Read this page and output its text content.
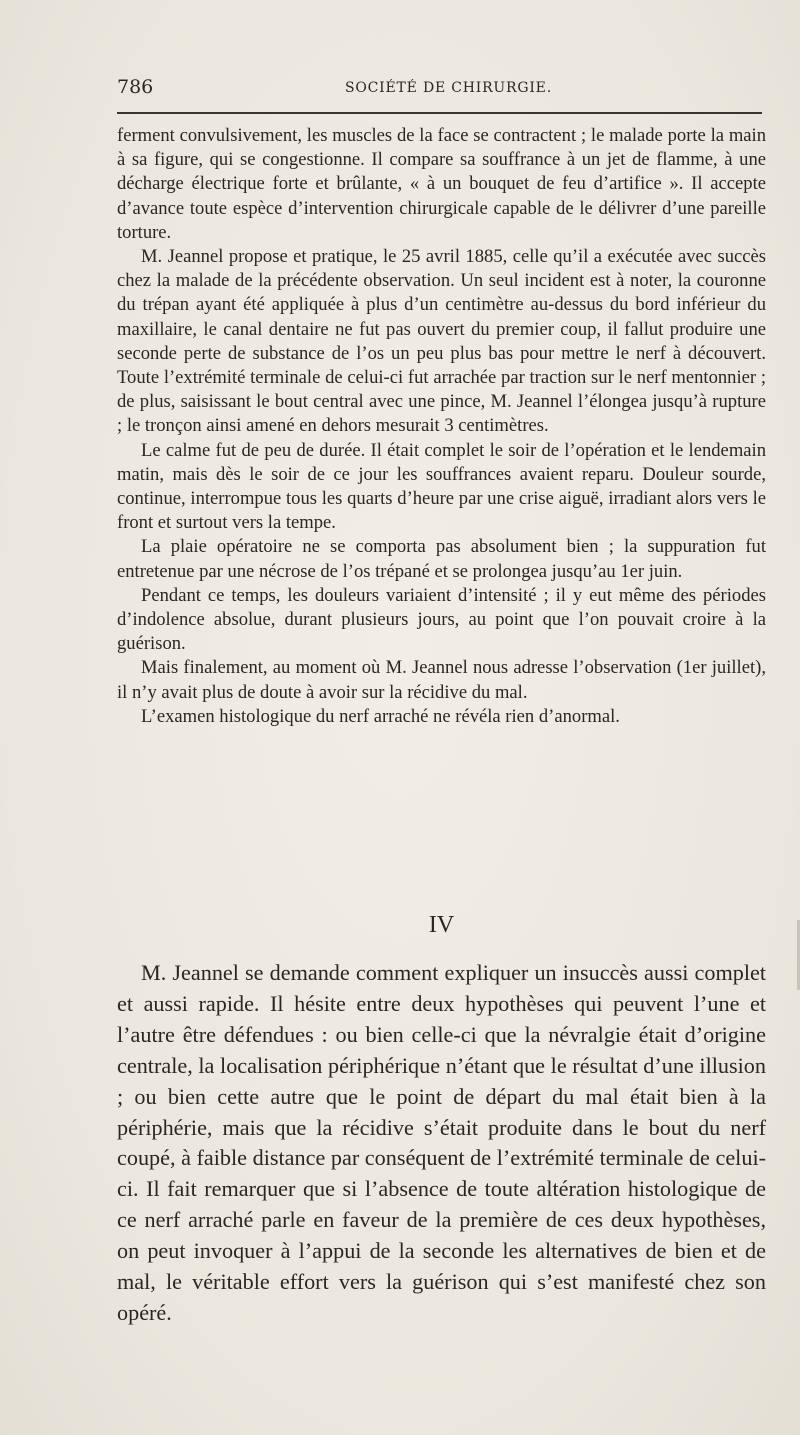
786	SOCIÉTÉ DE CHIRURGIE.

ferment convulsivement, les muscles de la face se contractent ; le malade porte la main à sa figure, qui se congestionne. Il compare sa souffrance à un jet de flamme, à une décharge électrique forte et brûlante, « à un bouquet de feu d’artifice ». Il accepte d’avance toute espèce d’intervention chirurgicale capable de le délivrer d’une pareille torture.

M. Jeannel propose et pratique, le 25 avril 1885, celle qu’il a exécutée avec succès chez la malade de la précédente observation. Un seul incident est à noter, la couronne du trépan ayant été appliquée à plus d’un centimètre au-dessus du bord inférieur du maxillaire, le canal dentaire ne fut pas ouvert du premier coup, il fallut produire une seconde perte de substance de l’os un peu plus bas pour mettre le nerf à découvert. Toute l’extrémité terminale de celui-ci fut arrachée par traction sur le nerf mentonnier ; de plus, saisissant le bout central avec une pince, M. Jeannel l’élongea jusqu’à rupture ; le tronçon ainsi amené en dehors mesurait 3 centimètres.

Le calme fut de peu de durée. Il était complet le soir de l’opération et le lendemain matin, mais dès le soir de ce jour les souffrances avaient reparu. Douleur sourde, continue, interrompue tous les quarts d’heure par une crise aiguë, irradiant alors vers le front et surtout vers la tempe.

La plaie opératoire ne se comporta pas absolument bien ; la suppuration fut entretenue par une nécrose de l’os trépané et se prolongea jusqu’au 1er juin.

Pendant ce temps, les douleurs variaient d’intensité ; il y eut même des périodes d’indolence absolue, durant plusieurs jours, au point que l’on pouvait croire à la guérison.

Mais finalement, au moment où M. Jeannel nous adresse l’observation (1er juillet), il n’y avait plus de doute à avoir sur la récidive du mal.

L’examen histologique du nerf arraché ne révéla rien d’anormal.

IV

M. Jeannel se demande comment expliquer un insuccès aussi complet et aussi rapide. Il hésite entre deux hypothèses qui peuvent l’une et l’autre être défendues : ou bien celle-ci que la névralgie était d’origine centrale, la localisation périphérique n’étant que le résultat d’une illusion ; ou bien cette autre que le point de départ du mal était bien à la périphérie, mais que la récidive s’était produite dans le bout du nerf coupé, à faible distance par conséquent de l’extrémité terminale de celui-ci. Il fait remarquer que si l’absence de toute altération histologique de ce nerf arraché parle en faveur de la première de ces deux hypothèses, on peut invoquer à l’appui de la seconde les alternatives de bien et de mal, le véritable effort vers la guérison qui s’est manifesté chez son opéré.
